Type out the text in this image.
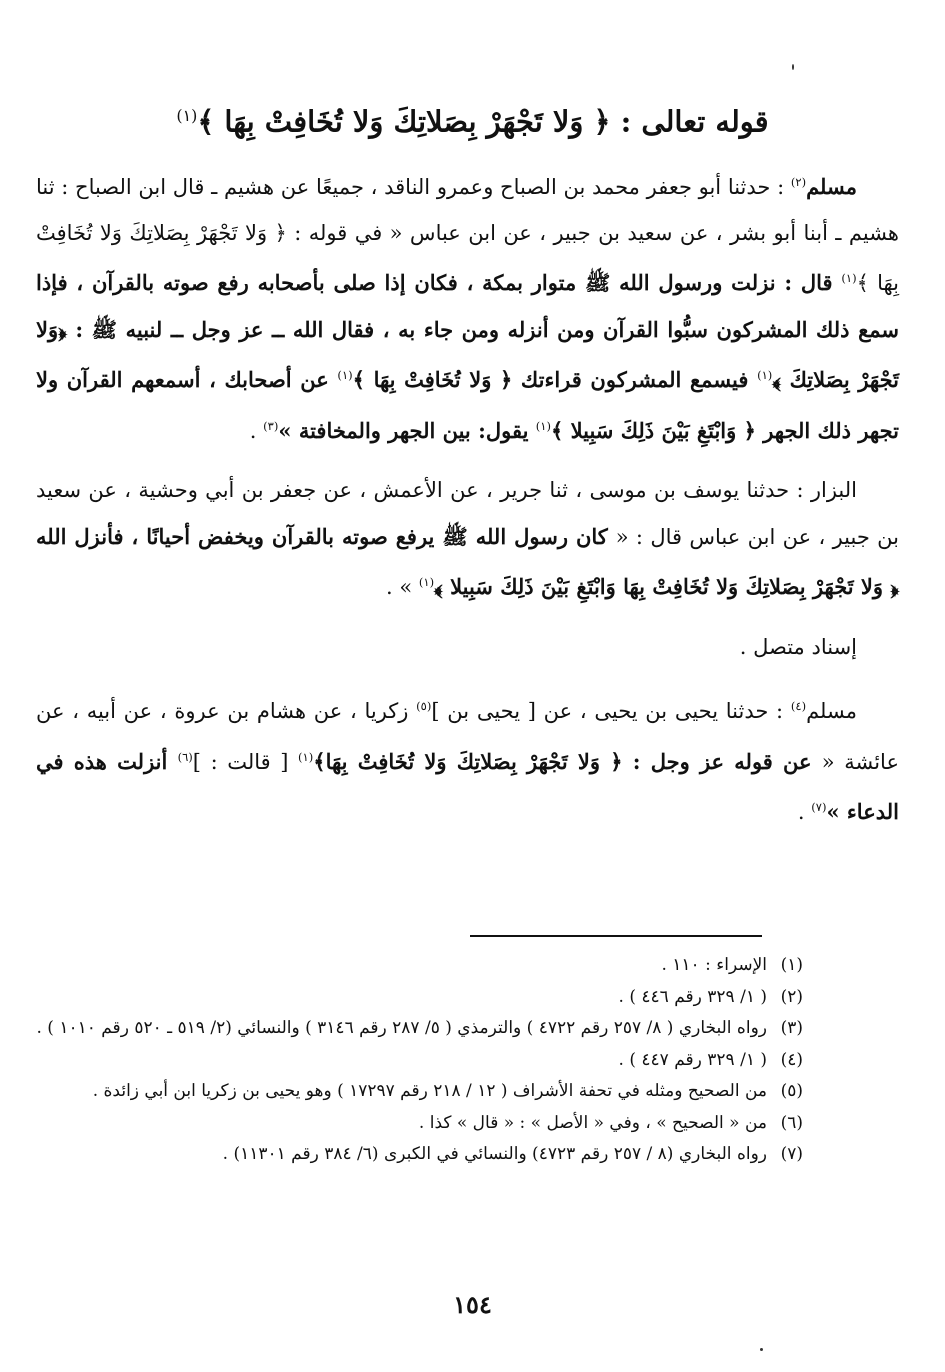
قوله تعالى : ﴿ وَلا تَجْهَرْ بِصَلاتِكَ وَلا تُخَافِتْ بِهَا ﴾$^{(١)}$

مسلم$^{(٢)}$ : حدثنا أبو جعفر محمد بن الصباح وعمرو الناقد ، جميعًا عن هشيم ـ قال ابن الصباح : ثنا هشيم ـ أبنا أبو بشر ، عن سعيد بن جبير ، عن ابن عباس « في قوله : ﴿ وَلا تَجْهَرْ بِصَلاتِكَ وَلا تُخَافِتْ بِهَا ﴾$^{(١)}$ قال : نزلت ورسول الله ﷺ متوار بمكة ، فكان إذا صلى بأصحابه رفع صوته بالقرآن ، فإذا سمع ذلك المشركون سبُّوا القرآن ومن أنزله ومن جاء به ، فقال الله ــ عز وجل ــ لنبيه ﷺ : ﴿وَلا تَجْهَرْ بِصَلاتِكَ ﴾$^{(١)}$ فيسمع المشركون قراءتك ﴿ وَلا تُخَافِتْ بِهَا ﴾$^{(١)}$ عن أصحابك ، أسمعهم القرآن ولا تجهر ذلك الجهر ﴿ وَابْتَغِ بَيْنَ ذَلِكَ سَبِيلا ﴾$^{(١)}$ يقول: بين الجهر والمخافتة »$^{(٣)}$ .

البزار : حدثنا يوسف بن موسى ، ثنا جرير ، عن الأعمش ، عن جعفر بن أبي وحشية ، عن سعيد بن جبير ، عن ابن عباس قال : « كان رسول الله ﷺ يرفع صوته بالقرآن ويخفض أحيانًا ، فأنزل الله ﴿ وَلا تَجْهَرْ بِصَلاتِكَ وَلا تُخَافِتْ بِهَا وَابْتَغِ بَيْنَ ذَلِكَ سَبِيلا ﴾$^{(١)}$ » .

إسناد متصل .

مسلم$^{(٤)}$ : حدثنا يحيى بن يحيى ، عن [ يحيى بن ]$^{(٥)}$ زكريا ، عن هشام بن عروة ، عن أبيه ، عن عائشة « عن قوله عز وجل : ﴿ وَلا تَجْهَرْ بِصَلاتِكَ وَلا تُخَافِتْ بِهَا﴾$^{(١)}$ [ قالت : ]$^{(٦)}$ أنزلت هذه في الدعاء »$^{(٧)}$ .

(١)
الإسراء : ١١٠ .

(٢)
( ١/ ٣٢٩ رقم ٤٤٦ ) .

(٣)
رواه البخاري ( ٨/ ٢٥٧ رقم ٤٧٢٢ ) والترمذي ( ٥/ ٢٨٧ رقم ٣١٤٦ ) والنسائي (٢/ ٥١٩ ـ ٥٢٠ رقم ١٠١٠ ) .

(٤)
( ١/ ٣٢٩ رقم ٤٤٧ ) .

(٥)
من الصحيح ومثله في تحفة الأشراف ( ١٢ / ٢١٨ رقم ١٧٢٩٧ ) وهو يحيى بن زكريا ابن أبي زائدة .

(٦)
من « الصحيح » ، وفي « الأصل » : « قال » كذا .

(٧)
رواه البخاري (٨ / ٢٥٧ رقم ٤٧٢٣) والنسائي في الكبرى (٦/ ٣٨٤ رقم ١١٣٠١) .

١٥٤
